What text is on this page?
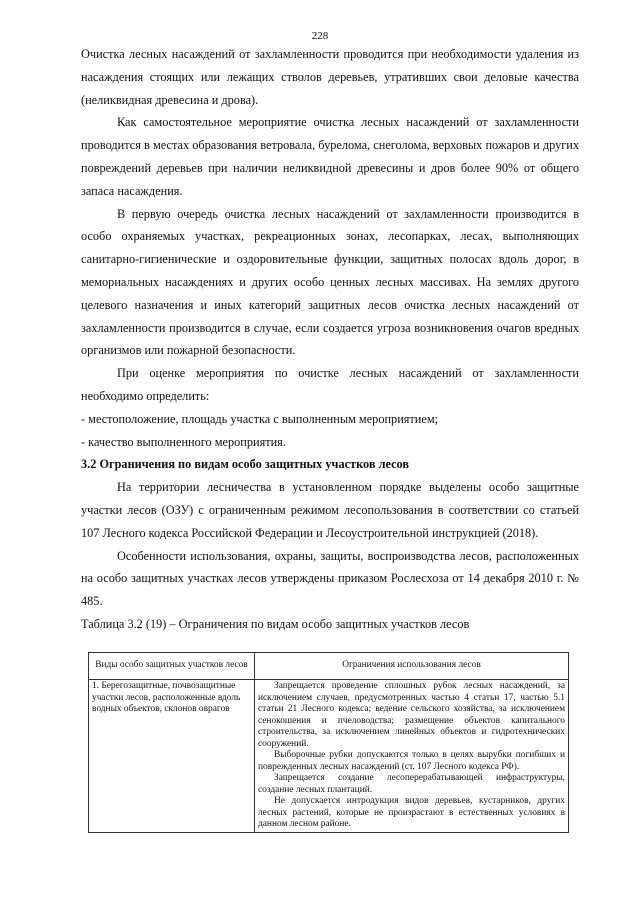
228

Очистка лесных насаждений от захламленности проводится при необходимости удаления из насаждения стоящих или лежащих стволов деревьев, утративших свои деловые качества (неликвидная древесина и дрова).

Как самостоятельное мероприятие очистка лесных насаждений от захламленности проводится в местах образования ветровала, бурелома, снеголома, верховых пожаров и других повреждений деревьев при наличии неликвидной древесины и дров более 90% от общего запаса насаждения.

В первую очередь очистка лесных насаждений от захламленности производится в особо охраняемых участках, рекреационных зонах, лесопарках, лесах, выполняющих санитарно-гигиенические и оздоровительные функции, защитных полосах вдоль дорог, в мемориальных насаждениях и других особо ценных лесных массивах. На землях другого целевого назначения и иных категорий защитных лесов очистка лесных насаждений от захламленности производится в случае, если создается угроза возникновения очагов вредных организмов или пожарной безопасности.

При оценке мероприятия по очистке лесных насаждений от захламленности необходимо определить:

- местоположение, площадь участка с выполненным мероприятием;

- качество выполненного мероприятия.

3.2 Ограничения по видам особо защитных участков лесов

На территории лесничества в установленном порядке выделены особо защитные участки лесов (ОЗУ) с ограниченным режимом лесопользования в соответствии со статьей 107 Лесного кодекса Российской Федерации и Лесоустроительной инструкцией (2018).

Особенности использования, охраны, защиты, воспроизводства лесов, расположенных на особо защитных участках лесов утверждены приказом Рослесхоза от 14 декабря 2010 г. № 485.

Таблица 3.2 (19) – Ограничения по видам особо защитных участков лесов

Виды особо защитных участков лесов	Ограничения использования лесов
1. Берегозащитные, почвозащитные участки лесов, расположенные вдоль водных объектов, склонов оврагов	Запрещается проведение сплошных рубок лесных насаждений, за исключением случаев, предусмотренных частью 4 статьи 17, частью 5.1 статьи 21 Лесного кодекса; ведение сельского хозяйства, за исключением сенокошения и пчеловодства; размещение объектов капитального строительства, за исключением линейных объектов и гидротехнических сооружений.

Выборочные рубки допускаются только в целях вырубки погибших и поврежденных лесных насаждений (ст. 107 Лесного кодекса РФ).

Запрещается создание лесоперерабатывающей инфраструктуры, создание лесных плантаций.

Не допускается интродукция видов деревьев, кустарников, других лесных растений, которые не произрастают в естественных условиях в данном лесном районе.
